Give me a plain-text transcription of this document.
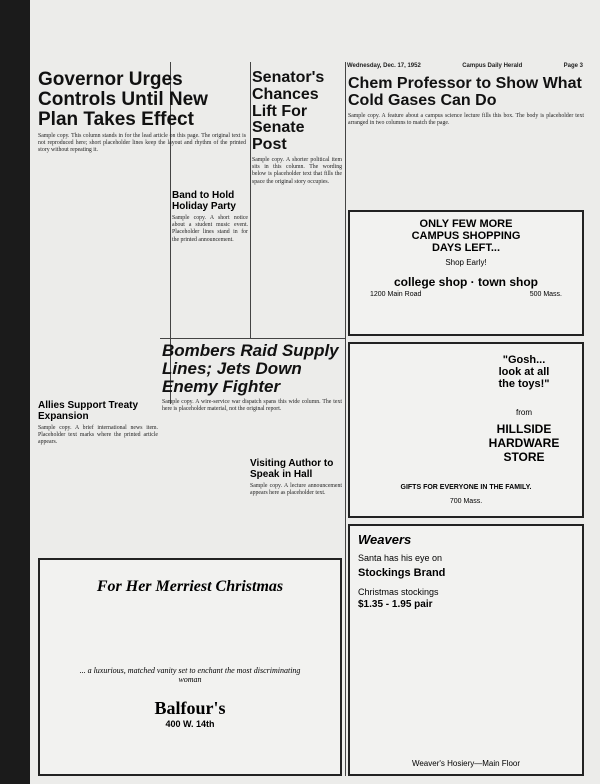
Wednesday, Dec. 17, 1952	Campus Daily Herald	Page 3
Governor Urges Controls Until New Plan Takes Effect

Sample copy. This column stands in for the lead article on this page. The original text is not reproduced here; short placeholder lines keep the layout and rhythm of the printed story without repeating it.

Senator's Chances Lift For Senate Post

Sample copy. A shorter political item sits in this column. The wording below is placeholder text that fills the space the original story occupies.

Band to Hold Holiday Party

Sample copy. A short notice about a student music event. Placeholder lines stand in for the printed announcement.

Chem Professor to Show What Cold Gases Can Do

Sample copy. A feature about a campus science lecture fills this box. The body is placeholder text arranged in two columns to match the page.

Bombers Raid Supply Lines; Jets Down Enemy Fighter

Sample copy. A wire-service war dispatch spans this wide column. The text here is placeholder material, not the original report.

Allies Support Treaty Expansion

Sample copy. A brief international news item. Placeholder text marks where the printed article appears.

Visiting Author to Speak in Hall

Sample copy. A lecture announcement appears here as placeholder text.

ONLY FEW MORE
CAMPUS SHOPPING
DAYS LEFT...
Shop Early!
college shop · town shop
1200 Main Road	500 Mass.
"Gosh...
look at all
the toys!"
from
HILLSIDE
HARDWARE
STORE
GIFTS FOR EVERYONE IN THE FAMILY.
700 Mass.
Weavers
Santa has his eye on
Stockings Brand
Christmas stockings
$1.35 - 1.95 pair
Weaver's Hosiery—Main Floor
For Her Merriest Christmas
... a luxurious, matched vanity set to enchant the most discriminating woman
Balfour's
400 W. 14th
